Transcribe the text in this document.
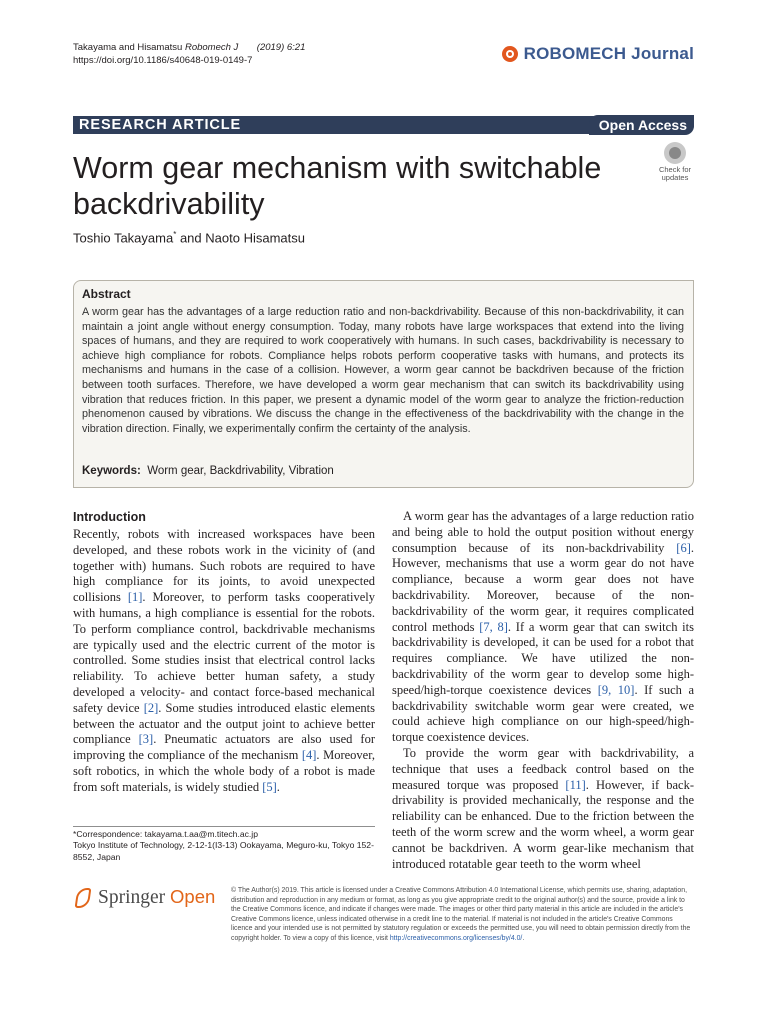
Takayama and Hisamatsu Robomech J (2019) 6:21
https://doi.org/10.1186/s40648-019-0149-7	ROBOMECH Journal
RESEARCH ARTICLE	Open Access
Check for
updates
Worm gear mechanism with switchable backdrivability
Toshio Takayama* and Naoto Hisamatsu
Abstract
A worm gear has the advantages of a large reduction ratio and non-backdrivability. Because of this non-backdrivability, it can maintain a joint angle without energy consumption. Today, many robots have large workspaces that extend into the living spaces of humans, and they are required to work cooperatively with humans. In such cases, backdrivability is necessary to achieve high compliance for robots. Compliance helps robots perform cooperative tasks with humans, and protects its mechanisms and humans in the case of a collision. However, a worm gear cannot be backdriven because of the friction between tooth surfaces. Therefore, we have developed a worm gear mechanism that can switch its backdrivability using vibration that reduces friction. In this paper, we present a dynamic model of the worm gear to analyze the friction-reduction phenomenon caused by vibrations. We discuss the change in the effectiveness of the backdrivability with the change in the vibration direction. Finally, we experimentally confirm the certainty of the analysis.
Keywords: Worm gear, Backdrivability, Vibration
Introduction

Recently, robots with increased workspaces have been developed, and these robots work in the vicinity of (and together with) humans. Such robots are required to have high compliance for its joints, to avoid unexpected collisions [1]. Moreover, to perform tasks cooperatively with humans, a high compliance is essential for the robots. To perform compliance control, backdrivable mechanisms are typically used and the electric current of the motor is controlled. Some studies insist that electrical control lacks reliability. To achieve better human safety, a study developed a velocity- and contact force-based mechanical safety device [2]. Some studies introduced elastic elements between the actuator and the output joint to achieve better compliance [3]. Pneumatic actuators are also used for improving the compliance of the mechanism [4]. Moreover, soft robotics, in which the whole body of a robot is made from soft materials, is widely studied [5].

A worm gear has the advantages of a large reduction ratio and being able to hold the output position without energy consumption because of its non-backdrivability [6]. However, mechanisms that use a worm gear do not have compliance, because a worm gear does not have backdrivability. Moreover, because of the non-backdrivability of the worm gear, it requires complicated control methods [7, 8]. If a worm gear that can switch its backdrivability is developed, it can be used for a robot that requires compliance. We have utilized the non-backdrivability of the worm gear to develop some high-speed/high-torque coexistence devices [9, 10]. If such a backdrivability switchable worm gear were created, we could achieve high compliance on our high-speed/high-torque coexistence devices.

To provide the worm gear with backdrivability, a technique that uses a feedback control based on the measured torque was proposed [11]. However, if back-drivability is provided mechanically, the response and the reliability can be enhanced. Due to the friction between the teeth of the worm screw and the worm wheel, a worm gear cannot be backdriven. A worm gear-like mechanism that introduced rotatable gear teeth to the worm wheel

*Correspondence: takayama.t.aa@m.titech.ac.jp
Tokyo Institute of Technology, 2-12-1(I3-13) Ookayama, Meguro-ku, Tokyo 152-8552, Japan
Springer Open © The Author(s) 2019. This article is licensed under a Creative Commons Attribution 4.0 International License, which permits use, sharing, adaptation, distribution and reproduction in any medium or format, as long as you give appropriate credit to the original author(s) and the source, provide a link to the Creative Commons licence, and indicate if changes were made. The images or other third party material in this article are included in the article's Creative Commons licence, unless indicated otherwise in a credit line to the material. If material is not included in the article's Creative Commons licence and your intended use is not permitted by statutory regulation or exceeds the permitted use, you will need to obtain permission directly from the copyright holder. To view a copy of this licence, visit http://creativecommons.org/licenses/by/4.0/.
